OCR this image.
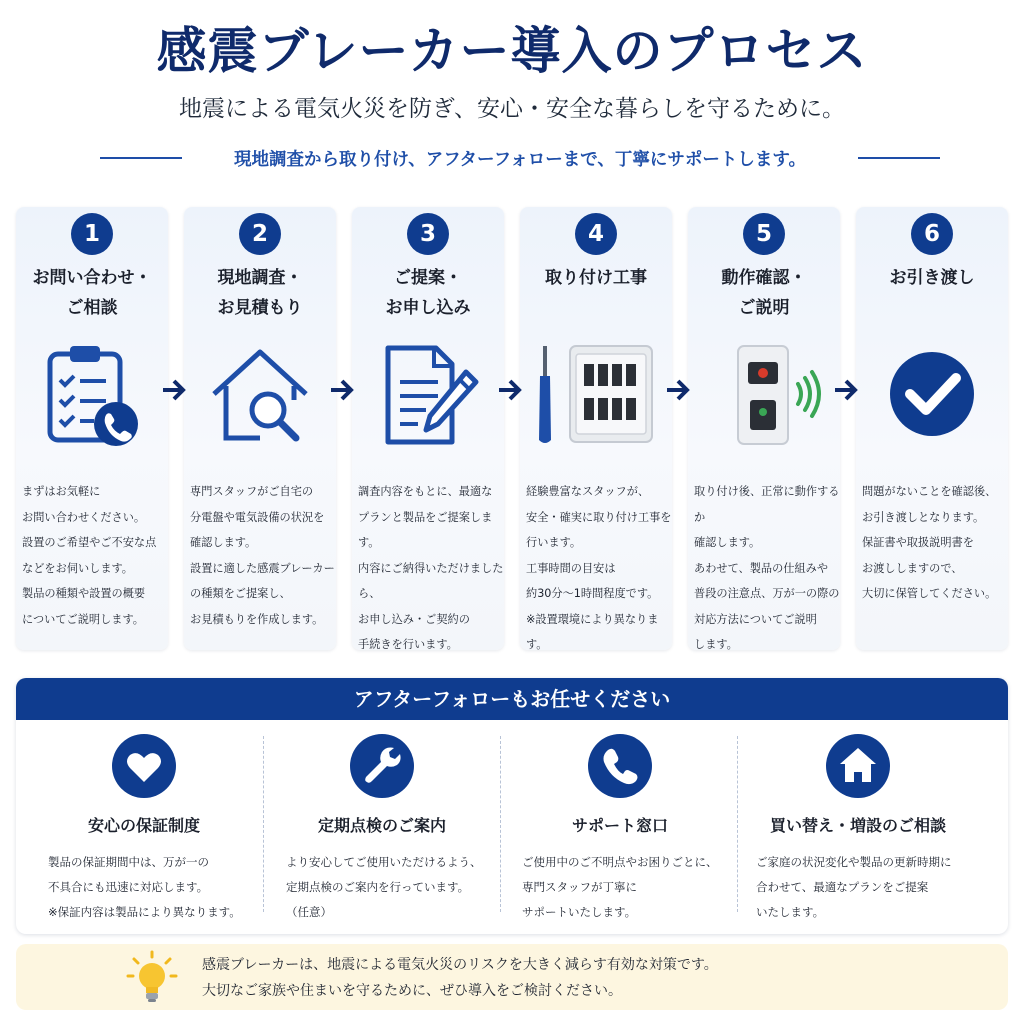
感震ブレーカー導入のプロセス
地震による電気火災を防ぎ、安心・安全な暮らしを守るために。
現地調査から取り付け、アフターフォローまで、丁寧にサポートします。
1
お問い合わせ・
ご相談
まずはお気軽に
お問い合わせください。
設置のご希望やご不安な点
などをお伺いします。
製品の種類や設置の概要
についてご説明します。
2
現地調査・
お見積もり
専門スタッフがご自宅の
分電盤や電気設備の状況を
確認します。
設置に適した感震ブレーカー
の種類をご提案し、
お見積もりを作成します。
3
ご提案・
お申し込み
調査内容をもとに、最適な
プランと製品をご提案します。
内容にご納得いただけましたら、
お申し込み・ご契約の
手続きを行います。
4
取り付け工事
経験豊富なスタッフが、
安全・確実に取り付け工事を
行います。
工事時間の目安は
約30分〜1時間程度です。
※設置環境により異なります。
5
動作確認・
ご説明
取り付け後、正常に動作するか
確認します。
あわせて、製品の仕組みや
普段の注意点、万が一の際の
対応方法についてご説明
します。
6
お引き渡し
問題がないことを確認後、
お引き渡しとなります。
保証書や取扱説明書を
お渡ししますので、
大切に保管してください。
アフターフォローもお任せください
安心の保証制度
製品の保証期間中は、万が一の
不具合にも迅速に対応します。
※保証内容は製品により異なります。
定期点検のご案内
より安心してご使用いただけるよう、
定期点検のご案内を行っています。
（任意）
サポート窓口
ご使用中のご不明点やお困りごとに、
専門スタッフが丁寧に
サポートいたします。
買い替え・増設のご相談
ご家庭の状況変化や製品の更新時期に
合わせて、最適なプランをご提案
いたします。
感震ブレーカーは、地震による電気火災のリスクを大きく減らす有効な対策です。
大切なご家族や住まいを守るために、ぜひ導入をご検討ください。
